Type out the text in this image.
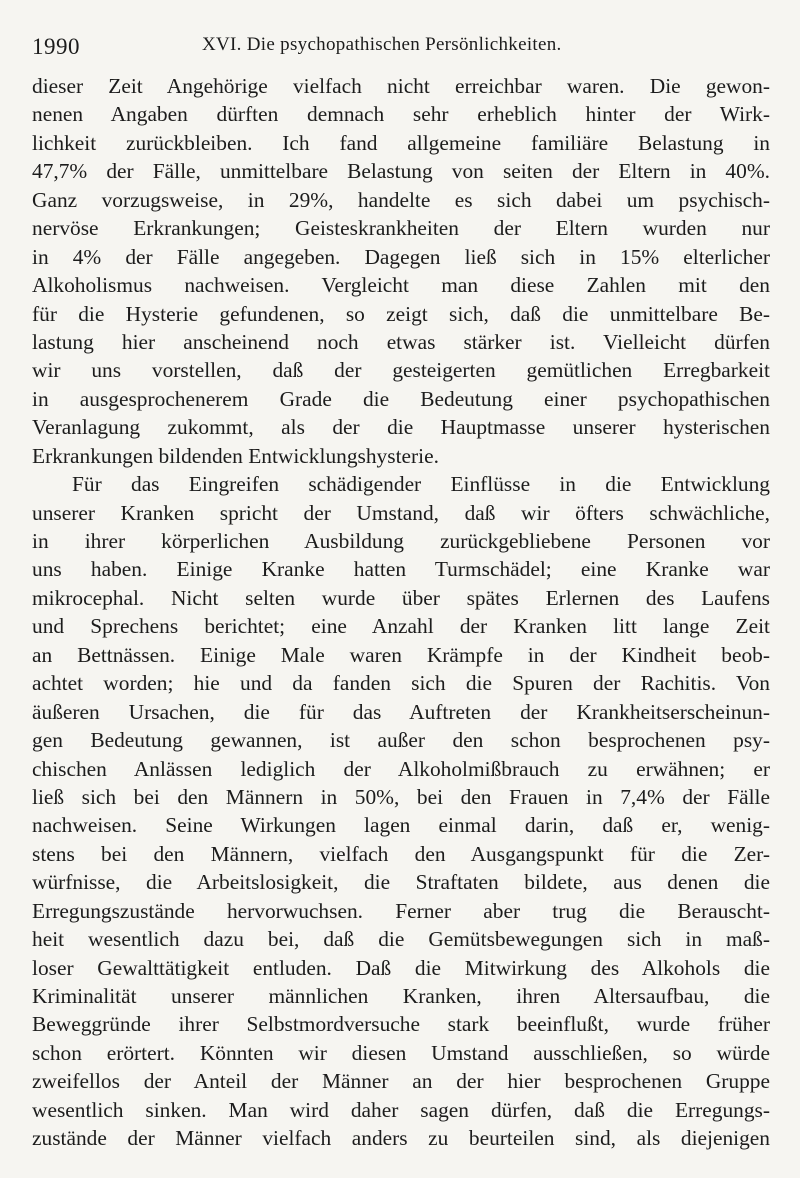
1990	XVI. Die psychopathischen Persönlichkeiten.
dieser Zeit Angehörige vielfach nicht erreichbar waren. Die gewon-
nenen Angaben dürften demnach sehr erheblich hinter der Wirk-
lichkeit zurückbleiben. Ich fand allgemeine familiäre Belastung in
47,7% der Fälle, unmittelbare Belastung von seiten der Eltern in 40%.
Ganz vorzugsweise, in 29%, handelte es sich dabei um psychisch-
nervöse Erkrankungen; Geisteskrankheiten der Eltern wurden nur
in 4% der Fälle angegeben. Dagegen ließ sich in 15% elterlicher
Alkoholismus nachweisen. Vergleicht man diese Zahlen mit den
für die Hysterie gefundenen, so zeigt sich, daß die unmittelbare Be-
lastung hier anscheinend noch etwas stärker ist. Vielleicht dürfen
wir uns vorstellen, daß der gesteigerten gemütlichen Erregbarkeit
in ausgesprochenerem Grade die Bedeutung einer psychopathischen
Veranlagung zukommt, als der die Hauptmasse unserer hysterischen
Erkrankungen bildenden Entwicklungshysterie.
Für das Eingreifen schädigender Einflüsse in die Entwicklung
unserer Kranken spricht der Umstand, daß wir öfters schwächliche,
in ihrer körperlichen Ausbildung zurückgebliebene Personen vor
uns haben. Einige Kranke hatten Turmschädel; eine Kranke war
mikrocephal. Nicht selten wurde über spätes Erlernen des Laufens
und Sprechens berichtet; eine Anzahl der Kranken litt lange Zeit
an Bettnässen. Einige Male waren Krämpfe in der Kindheit beob-
achtet worden; hie und da fanden sich die Spuren der Rachitis. Von
äußeren Ursachen, die für das Auftreten der Krankheitserscheinun-
gen Bedeutung gewannen, ist außer den schon besprochenen psy-
chischen Anlässen lediglich der Alkoholmißbrauch zu erwähnen; er
ließ sich bei den Männern in 50%, bei den Frauen in 7,4% der Fälle
nachweisen. Seine Wirkungen lagen einmal darin, daß er, wenig-
stens bei den Männern, vielfach den Ausgangspunkt für die Zer-
würfnisse, die Arbeitslosigkeit, die Straftaten bildete, aus denen die
Erregungszustände hervorwuchsen. Ferner aber trug die Berauscht-
heit wesentlich dazu bei, daß die Gemütsbewegungen sich in maß-
loser Gewalttätigkeit entluden. Daß die Mitwirkung des Alkohols die
Kriminalität unserer männlichen Kranken, ihren Altersaufbau, die
Beweggründe ihrer Selbstmordversuche stark beeinflußt, wurde früher
schon erörtert. Könnten wir diesen Umstand ausschließen, so würde
zweifellos der Anteil der Männer an der hier besprochenen Gruppe
wesentlich sinken. Man wird daher sagen dürfen, daß die Erregungs-
zustände der Männer vielfach anders zu beurteilen sind, als diejenigen
